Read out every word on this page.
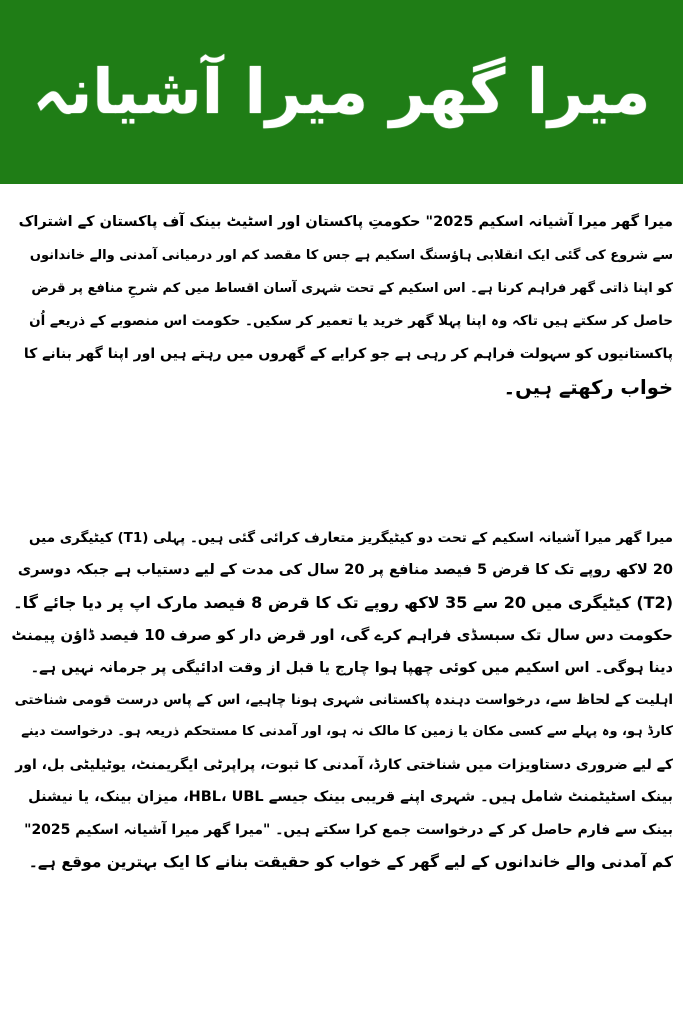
میرا گھر میرا آشیانہ
میرا گھر میرا آشیانہ اسکیم 2025" حکومتِ پاکستان اور اسٹیٹ بینک آف پاکستان کے اشتراک
سے شروع کی گئی ایک انقلابی ہاؤسنگ اسکیم ہے جس کا مقصد کم اور درمیانی آمدنی والے خاندانوں
کو اپنا ذاتی گھر فراہم کرنا ہے۔ اس اسکیم کے تحت شہری آسان اقساط میں کم شرحِ منافع پر قرض
حاصل کر سکتے ہیں تاکہ وہ اپنا پہلا گھر خرید یا تعمیر کر سکیں۔ حکومت اس منصوبے کے ذریعے اُن
پاکستانیوں کو سہولت فراہم کر رہی ہے جو کرایے کے گھروں میں رہتے ہیں اور اپنا گھر بنانے کا
خواب رکھتے ہیں۔
میرا گھر میرا آشیانہ اسکیم کے تحت دو کیٹیگریز متعارف کرائی گئی ہیں۔ پہلی (T1) کیٹیگری میں
20 لاکھ روپے تک کا قرض 5 فیصد منافع پر 20 سال کی مدت کے لیے دستیاب ہے جبکہ دوسری
(T2) کیٹیگری میں 20 سے 35 لاکھ روپے تک کا قرض 8 فیصد مارک اپ پر دیا جائے گا۔
حکومت دس سال تک سبسڈی فراہم کرے گی، اور قرض دار کو صرف 10 فیصد ڈاؤن پیمنٹ
دینا ہوگی۔ اس اسکیم میں کوئی چھپا ہوا چارج یا قبل از وقت ادائیگی پر جرمانہ نہیں ہے۔
اہلیت کے لحاظ سے، درخواست دہندہ پاکستانی شہری ہونا چاہیے، اس کے پاس درست قومی شناختی
کارڈ ہو، وہ پہلے سے کسی مکان یا زمین کا مالک نہ ہو، اور آمدنی کا مستحکم ذریعہ ہو۔ درخواست دینے
کے لیے ضروری دستاویزات میں شناختی کارڈ، آمدنی کا ثبوت، پراپرٹی ایگریمنٹ، یوٹیلیٹی بل، اور
بینک اسٹیٹمنٹ شامل ہیں۔ شہری اپنے قریبی بینک جیسے HBL، UBL، میزان بینک، یا نیشنل
بینک سے فارم حاصل کر کے درخواست جمع کرا سکتے ہیں۔ "میرا گھر میرا آشیانہ اسکیم 2025"
کم آمدنی والے خاندانوں کے لیے گھر کے خواب کو حقیقت بنانے کا ایک بہترین موقع ہے۔
